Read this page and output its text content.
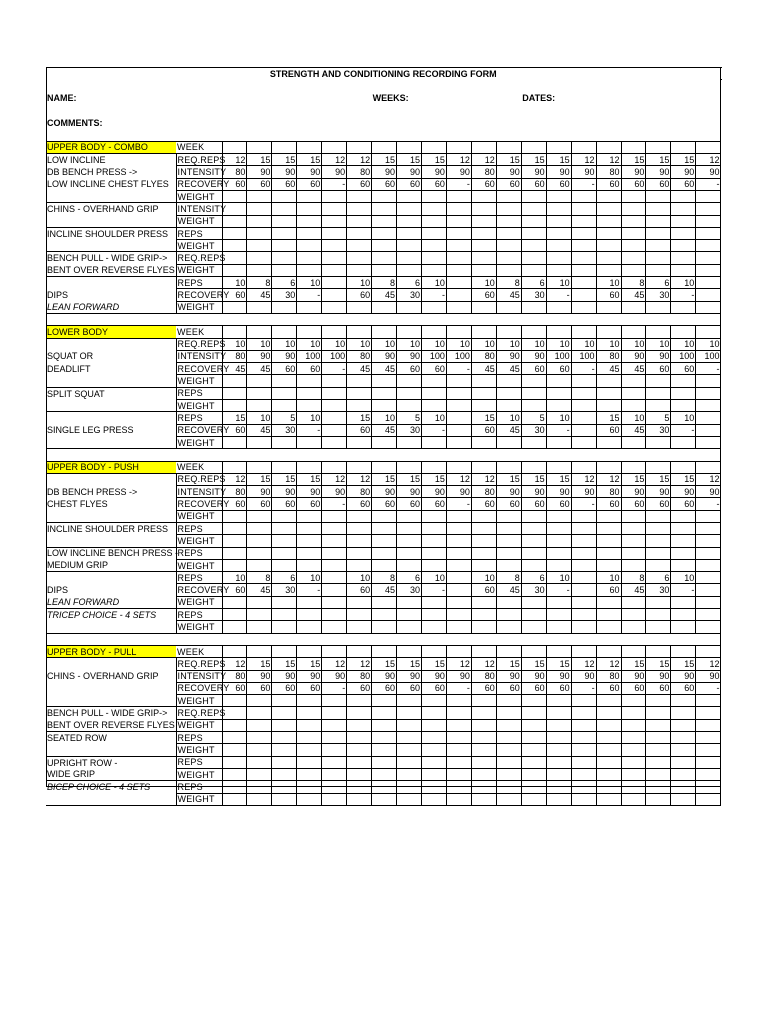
STRENGTH AND CONDITIONING RECORDING FORM	

NAME:								WEEKS:						DATES:	

COMMENTS:	

UPPER BODY - COMBO	WEEK																					
LOW INCLINE	REQ.REPS	12	15	15	15	12	12	15	15	15	12	12	15	15	15	12	12	15	15	15	12	
DB BENCH PRESS ->	INTENSITY	80	90	90	90	90	80	90	90	90	90	80	90	90	90	90	80	90	90	90	90	
LOW INCLINE CHEST FLYES	RECOVERY	60	60	60	60	-	60	60	60	60	-	60	60	60	60	-	60	60	60	60	-	
	WEIGHT																					
CHINS - OVERHAND GRIP	INTENSITY																					
	WEIGHT																					
INCLINE SHOULDER PRESS	REPS																					
	WEIGHT																					
BENCH PULL - WIDE GRIP->	REQ.REPS																					
BENT OVER REVERSE FLYES	WEIGHT																					
	REPS	10	8	6	10		10	8	6	10		10	8	6	10		10	8	6	10		
DIPS	RECOVERY	60	45	30	-		60	45	30	-		60	45	30	-		60	45	30	-		
LEAN FORWARD	WEIGHT																					

LOWER BODY	WEEK																					
	REQ.REPS	10	10	10	10	10	10	10	10	10	10	10	10	10	10	10	10	10	10	10	10	
SQUAT OR	INTENSITY	80	90	90	100	100	80	90	90	100	100	80	90	90	100	100	80	90	90	100	100	
DEADLIFT	RECOVERY	45	45	60	60	-	45	45	60	60	-	45	45	60	60	-	45	45	60	60	-	
	WEIGHT																					
SPLIT SQUAT	REPS																					
	WEIGHT																					
	REPS	15	10	5	10		15	10	5	10		15	10	5	10		15	10	5	10		
SINGLE LEG PRESS	RECOVERY	60	45	30	-		60	45	30	-		60	45	30	-		60	45	30	-		
	WEIGHT																					

UPPER BODY - PUSH	WEEK																					
	REQ.REPS	12	15	15	15	12	12	15	15	15	12	12	15	15	15	12	12	15	15	15	12	
DB BENCH PRESS ->	INTENSITY	80	90	90	90	90	80	90	90	90	90	80	90	90	90	90	80	90	90	90	90	
CHEST FLYES	RECOVERY	60	60	60	60	-	60	60	60	60	-	60	60	60	60	-	60	60	60	60	-	
	WEIGHT																					
INCLINE SHOULDER PRESS	REPS																					
	WEIGHT																					
LOW INCLINE BENCH PRESS -	REPS																					
MEDIUM GRIP	WEIGHT																					
	REPS	10	8	6	10		10	8	6	10		10	8	6	10		10	8	6	10		
DIPS	RECOVERY	60	45	30	-		60	45	30	-		60	45	30	-		60	45	30	-		
LEAN FORWARD	WEIGHT																					
TRICEP CHOICE - 4 SETS	REPS																					
	WEIGHT																					

UPPER BODY - PULL	WEEK																					
	REQ.REPS	12	15	15	15	12	12	15	15	15	12	12	15	15	15	12	12	15	15	15	12	
CHINS - OVERHAND GRIP	INTENSITY	80	90	90	90	90	80	90	90	90	90	80	90	90	90	90	80	90	90	90	90	
	RECOVERY	60	60	60	60	-	60	60	60	60	-	60	60	60	60	-	60	60	60	60	-	
	WEIGHT																					
BENCH PULL - WIDE GRIP->	REQ.REPS																					
BENT OVER REVERSE FLYES	WEIGHT																					
SEATED ROW	REPS																					
	WEIGHT																					
UPRIGHT ROW -	REPS																					
WIDE GRIP	WEIGHT																					
BICEP CHOICE - 4 SETS	REPS																					
	WEIGHT																					
